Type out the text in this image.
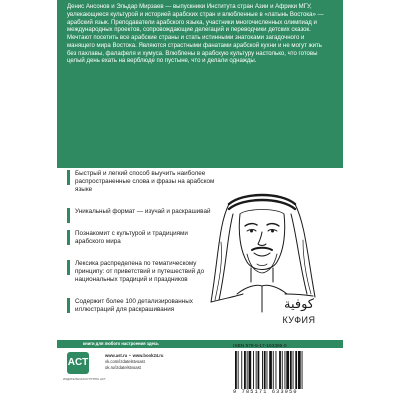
Денис Ансонов и Эльдар Мирзаев — выпускники Института стран Азии и Африки МГУ, увлекающиеся культурой и историей арабских стран и влюбленные в «латынь Востока» — арабский язык. Преподаватели арабского языка, участники многочисленных олимпиад и международных проектов, сопровождающие делегаций и переводчики детских сказок. Мечтают посетить все арабские страны и стать истинными знатоками загадочного и манящего мира Востока. Являются страстными фанатами арабской кухни и не могут жить без пахлавы, фалафеля и хумуса. Влюблены в арабскую культуру настолько, что готовы целый день ехать на верблюде по пустыне, что и делали однажды.

Быстрый и легкий способ выучить наиболее распространенные слова и фразы на арабском языке
Уникальный формат — изучай и раскрашивай
Познакомит с культурой и традициями арабского мира
Лексика распределена по тематическому принципу: от приветствий и путешествий до национальных традиций и праздников
Содержит более 100 детализированных иллюстраций для раскрашивания	كوفية
КУФИЯ
книги для любого настроения здесь
ACT
ИЗДАТЕЛЬСКАЯ ГРУППА АСТ
www.ast.ru • www.book24.ru
vk.com/izdatelstvoast
ok.ru/izdatelstvoast
ISBN 978-5-17-163395-0
9 785171 633950
